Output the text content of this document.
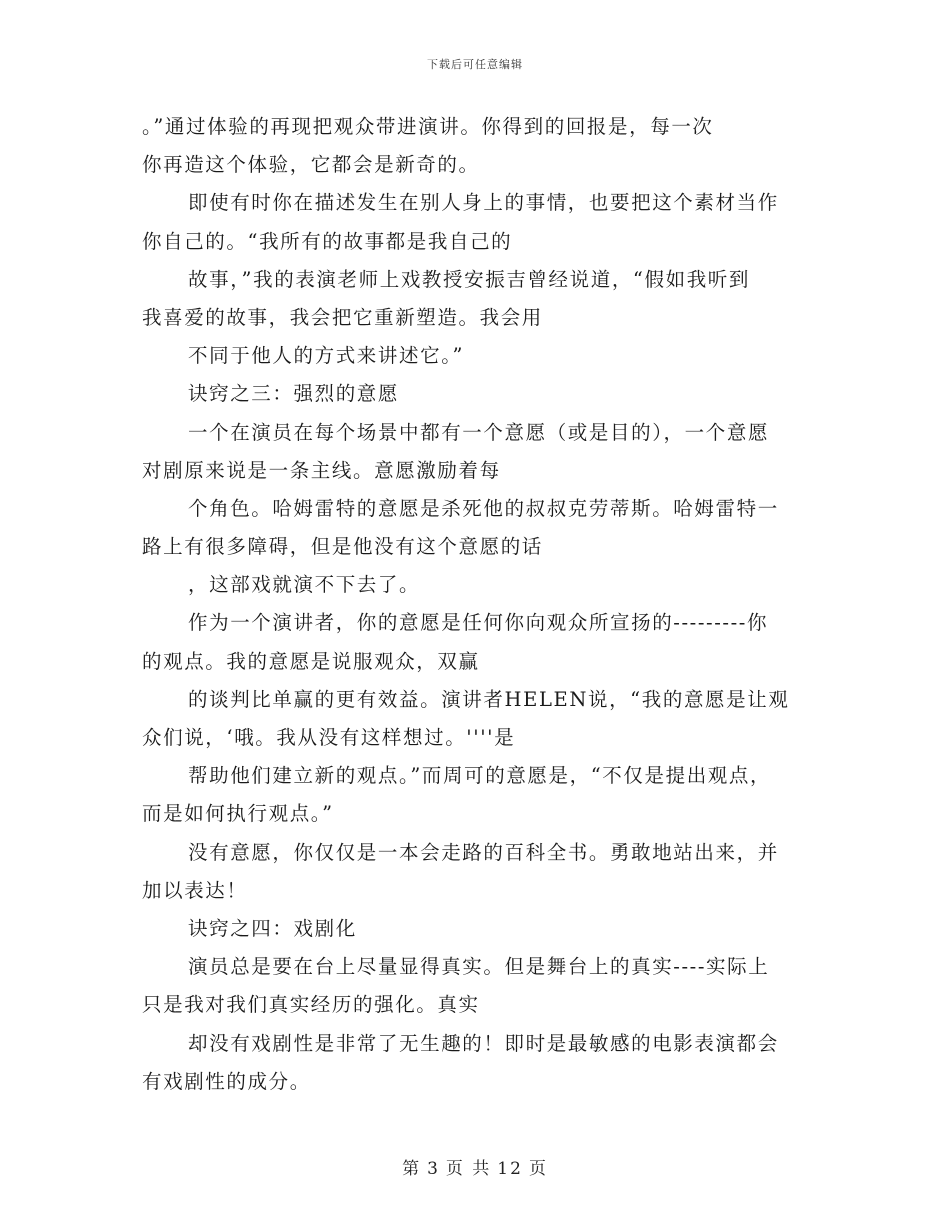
下载后可任意编辑
。”通过体验的再现把观众带进演讲。你得到的回报是，每一次
你再造这个体验，它都会是新奇的。
即使有时你在描述发生在别人身上的事情，也要把这个素材当作
你自己的。“我所有的故事都是我自己的
故事，”我的表演老师上戏教授安振吉曾经说道，“假如我听到
我喜爱的故事，我会把它重新塑造。我会用
不同于他人的方式来讲述它。”
诀窍之三：强烈的意愿
一个在演员在每个场景中都有一个意愿（或是目的），一个意愿
对剧原来说是一条主线。意愿激励着每
个角色。哈姆雷特的意愿是杀死他的叔叔克劳蒂斯。哈姆雷特一
路上有很多障碍，但是他没有这个意愿的话
，这部戏就演不下去了。
作为一个演讲者，你的意愿是任何你向观众所宣扬的---------你
的观点。我的意愿是说服观众，双赢
的谈判比单赢的更有效益。演讲者HELEN说，“我的意愿是让观
众们说，‘哦。我从没有这样想过。''''是
帮助他们建立新的观点。”而周可的意愿是，“不仅是提出观点，
而是如何执行观点。”
没有意愿，你仅仅是一本会走路的百科全书。勇敢地站出来，并
加以表达！
诀窍之四：戏剧化
演员总是要在台上尽量显得真实。但是舞台上的真实----实际上
只是我对我们真实经历的强化。真实
却没有戏剧性是非常了无生趣的！即时是最敏感的电影表演都会
有戏剧性的成分。
第 3 页 共 12 页
